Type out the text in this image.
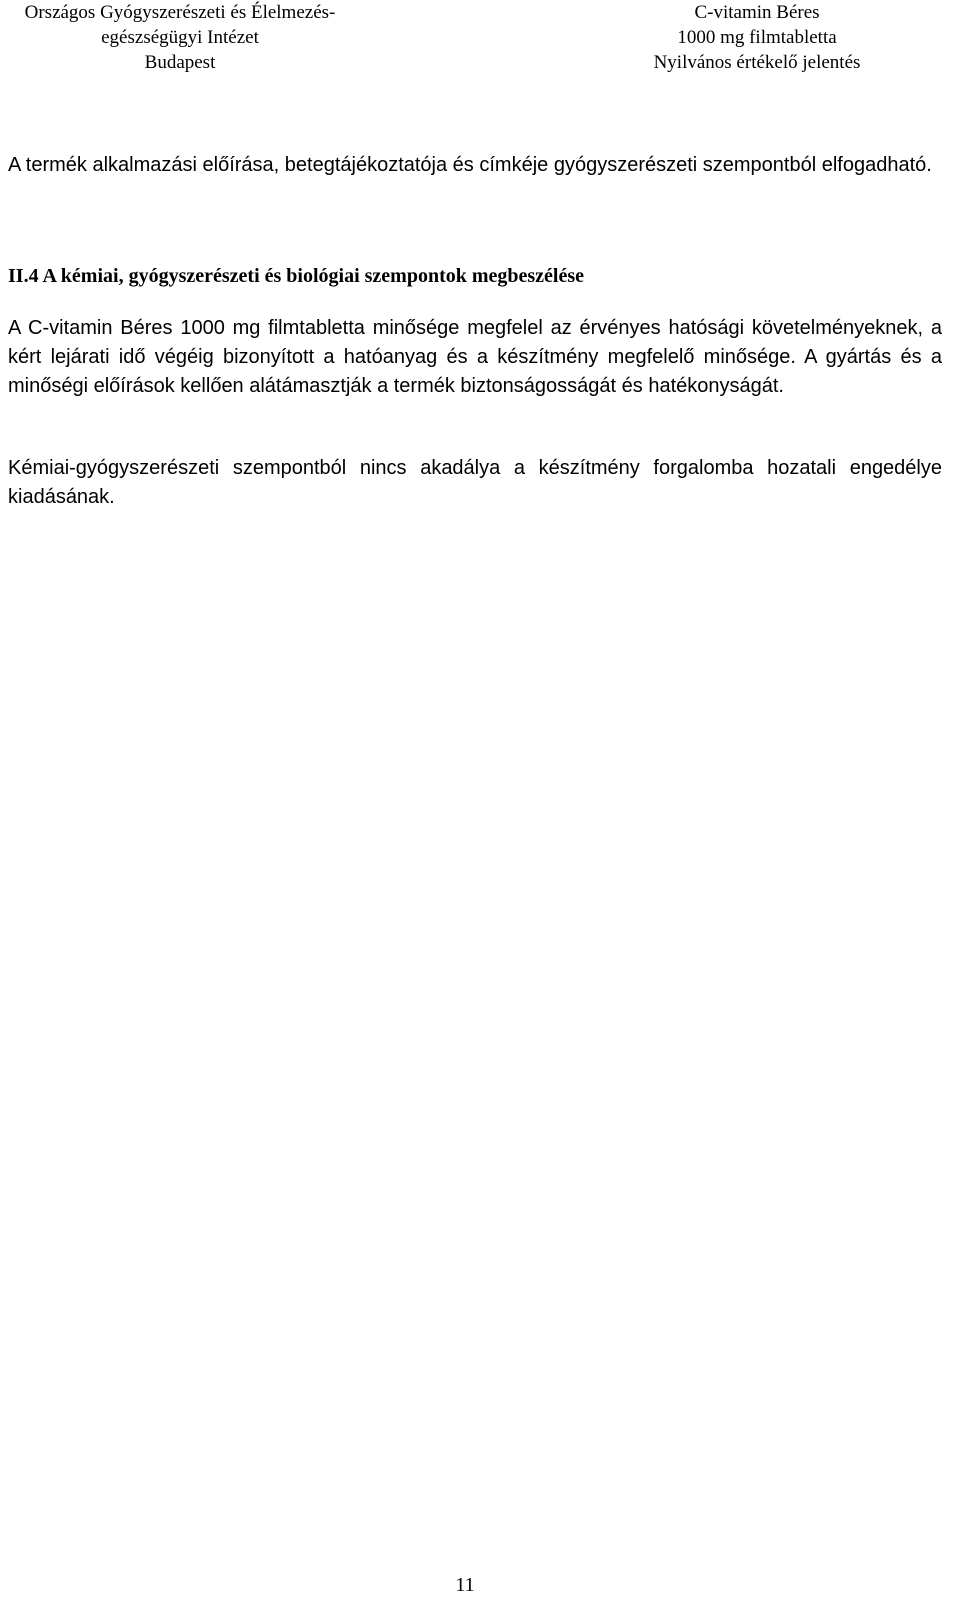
Országos Gyógyszerészeti és Élelmezés-
egészségügyi Intézet
Budapest
C-vitamin Béres
1000 mg filmtabletta
Nyilvános értékelő jelentés
A termék alkalmazási előírása, betegtájékoztatója és címkéje gyógyszerészeti szempontból elfogadható.
II.4 A kémiai, gyógyszerészeti és biológiai szempontok megbeszélése
A C-vitamin Béres 1000 mg filmtabletta minősége megfelel az érvényes hatósági követelményeknek, a kért lejárati idő végéig bizonyított a hatóanyag és a készítmény megfelelő minősége. A gyártás és a minőségi előírások kellően alátámasztják a termék biztonságosságát és hatékonyságát.
Kémiai-gyógyszerészeti szempontból nincs akadálya a készítmény forgalomba hozatali engedélye kiadásának.
11
